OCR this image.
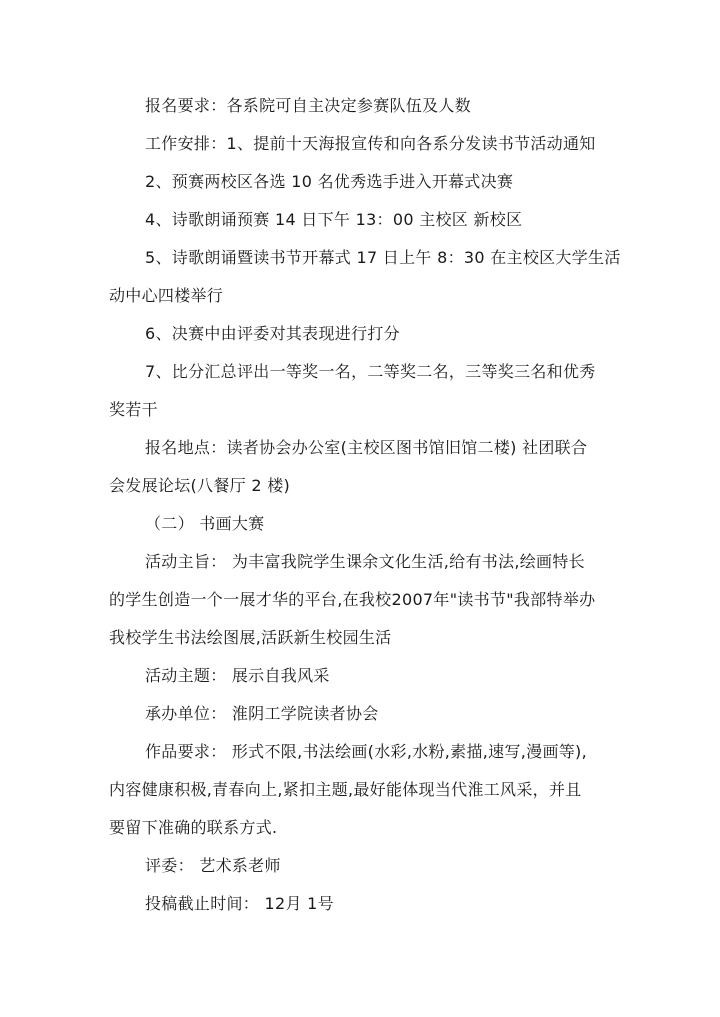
报名要求：各系院可自主决定参赛队伍及人数
工作安排：1、提前十天海报宣传和向各系分发读书节活动通知
2、预赛两校区各选 10 名优秀选手进入开幕式决赛
4、诗歌朗诵预赛 14 日下午 13：00 主校区 新校区
5、诗歌朗诵暨读书节开幕式 17 日上午 8：30 在主校区大学生活
动中心四楼举行
6、决赛中由评委对其表现进行打分
7、比分汇总评出一等奖一名，二等奖二名，三等奖三名和优秀
奖若干
报名地点：读者协会办公室(主校区图书馆旧馆二楼) 社团联合
会发展论坛(八餐厅 2 楼)
（二） 书画大赛
活动主旨： 为丰富我院学生课余文化生活,给有书法,绘画特长
的学生创造一个一展才华的平台,在我校2007年"读书节"我部特举办
我校学生书法绘图展,活跃新生校园生活
活动主题： 展示自我风采
承办单位： 淮阴工学院读者协会
作品要求： 形式不限,书法绘画(水彩,水粉,素描,速写,漫画等),
内容健康积极,青春向上,紧扣主题,最好能体现当代淮工风采，并且
要留下准确的联系方式.
评委： 艺术系老师
投稿截止时间： 12月 1号
